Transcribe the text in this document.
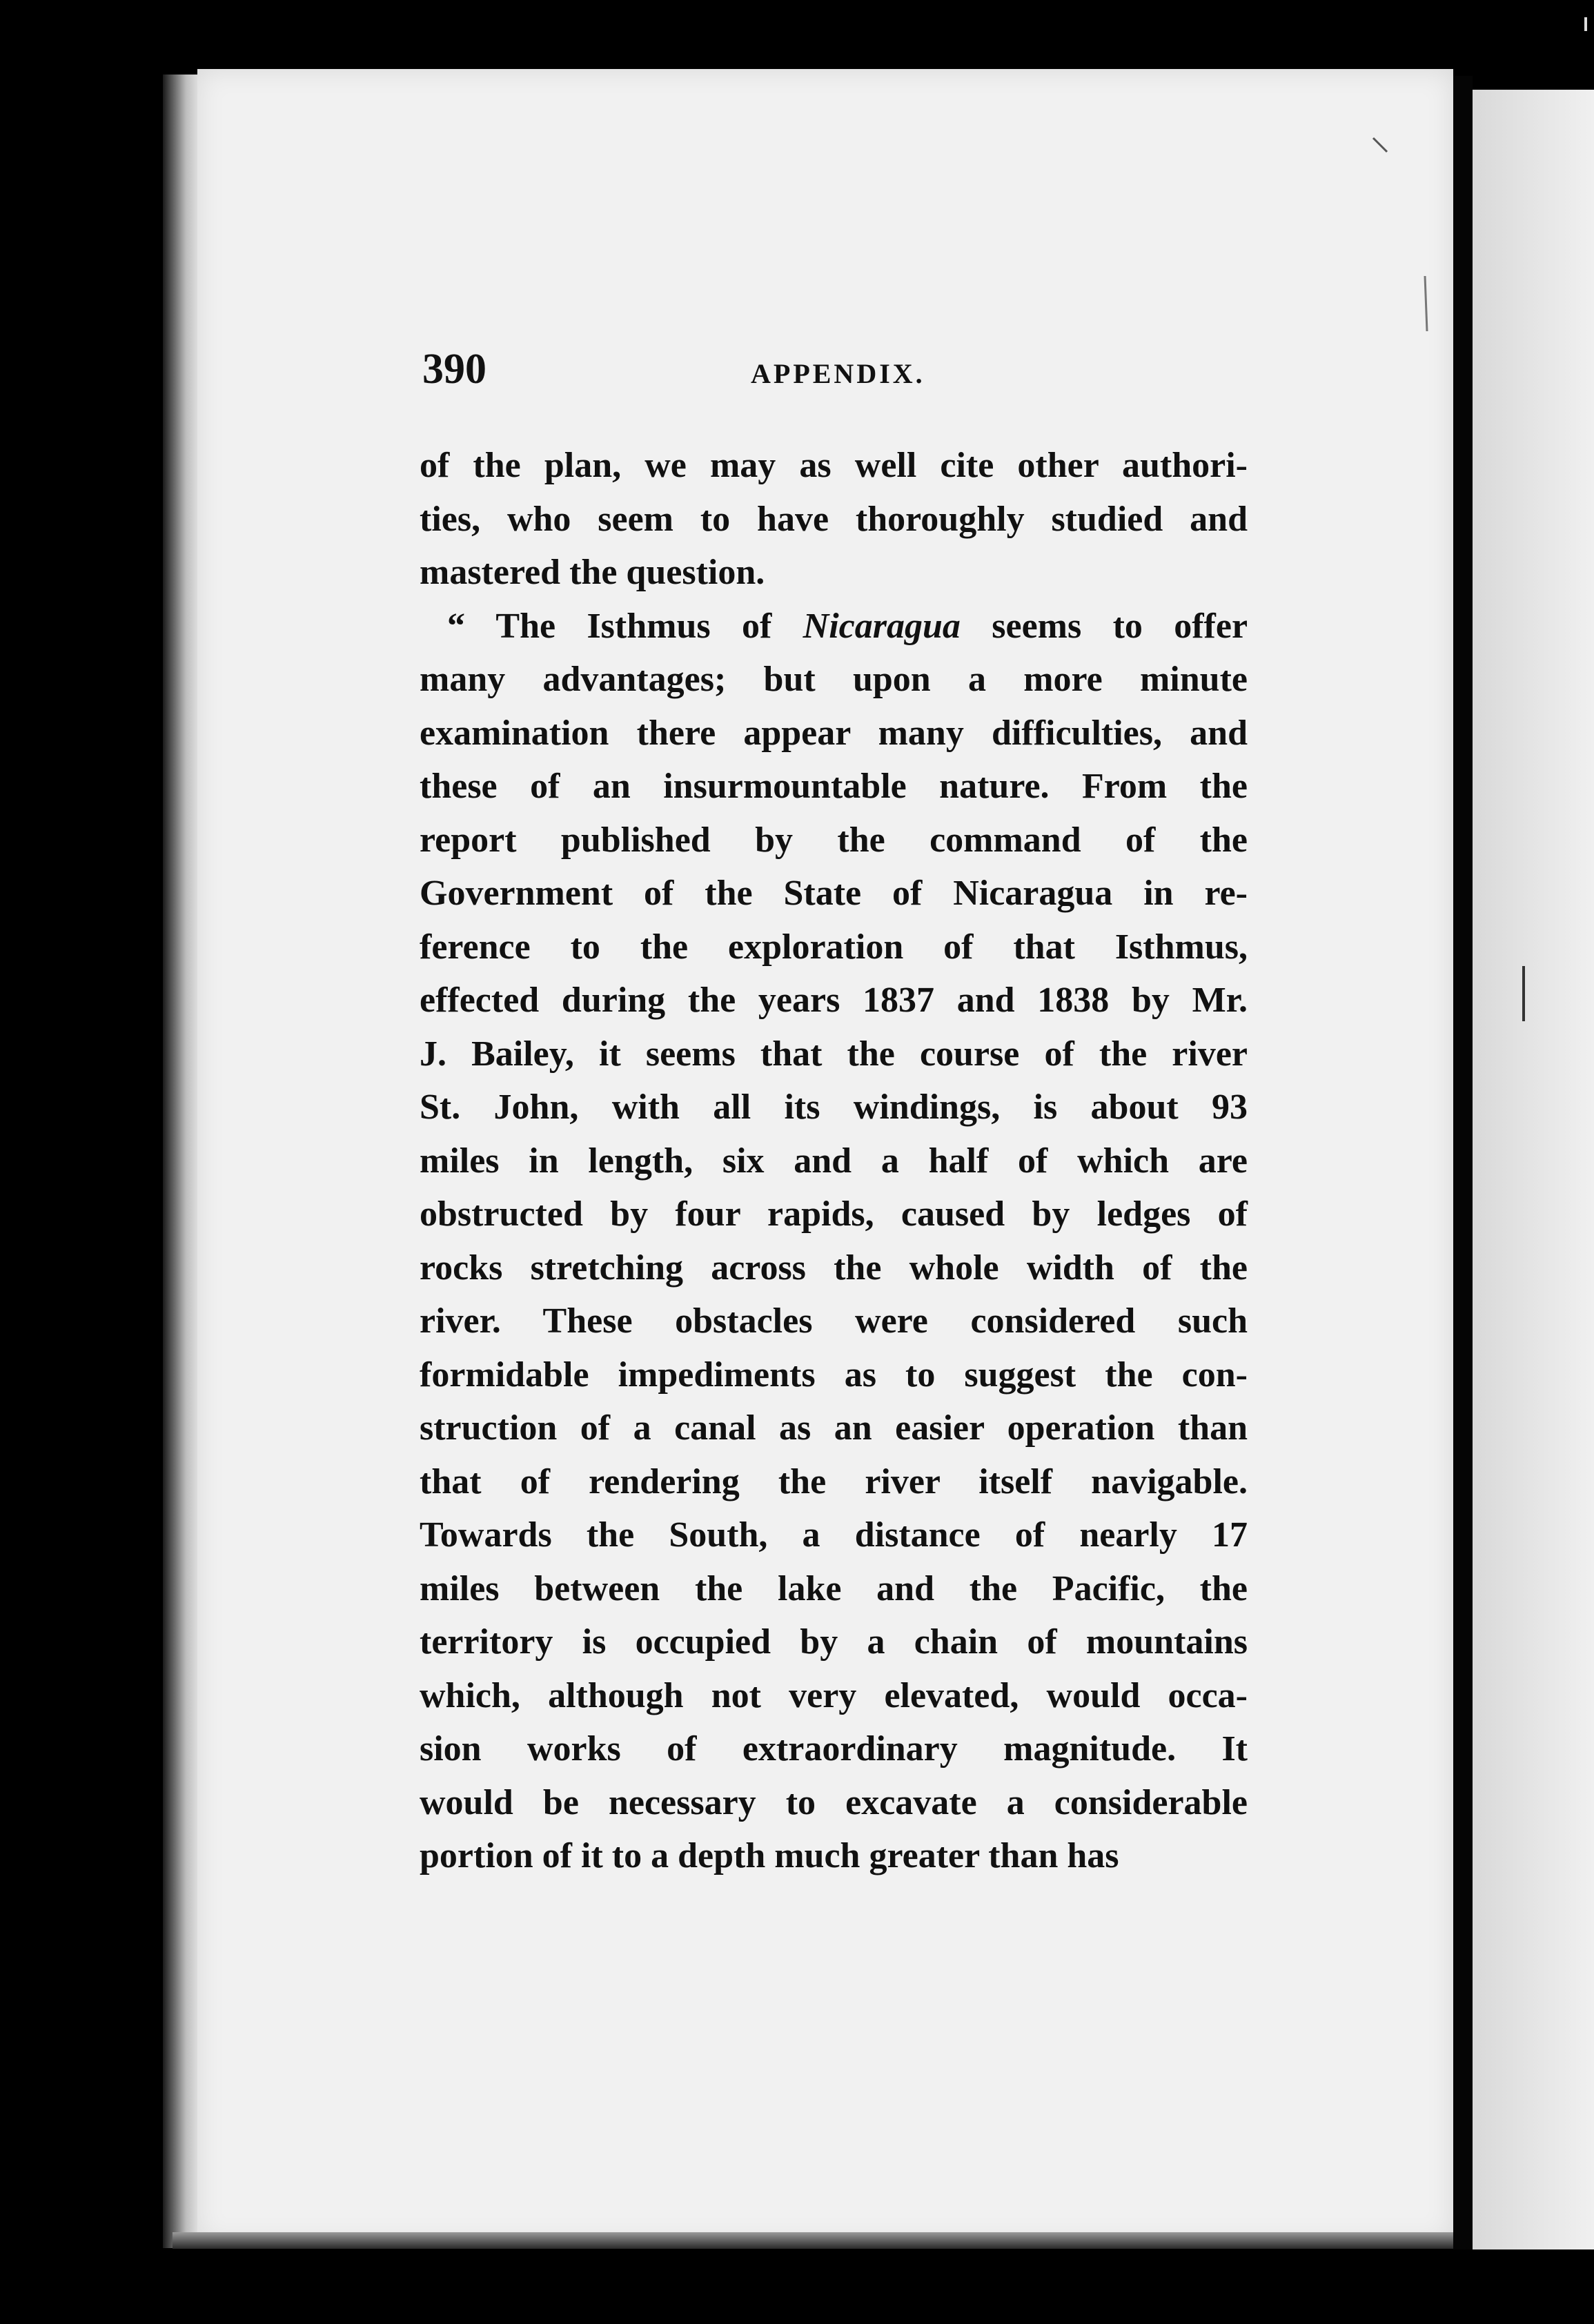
390	APPENDIX.
of the plan, we may as well cite other authori-
ties, who seem to have thoroughly studied and
mastered the question.
“ The Isthmus of Nicaragua seems to offer
many advantages; but upon a more minute
examination there appear many difficulties, and
these of an insurmountable nature. From the
report published by the command of the
Government of the State of Nicaragua in re-
ference to the exploration of that Isthmus,
effected during the years 1837 and 1838 by Mr.
J. Bailey, it seems that the course of the river
St. John, with all its windings, is about 93
miles in length, six and a half of which are
obstructed by four rapids, caused by ledges of
rocks stretching across the whole width of the
river. These obstacles were considered such
formidable impediments as to suggest the con-
struction of a canal as an easier operation than
that of rendering the river itself navigable.
Towards the South, a distance of nearly 17
miles between the lake and the Pacific, the
territory is occupied by a chain of mountains
which, although not very elevated, would occa-
sion works of extraordinary magnitude. It
would be necessary to excavate a considerable
portion of it to a depth much greater than has
